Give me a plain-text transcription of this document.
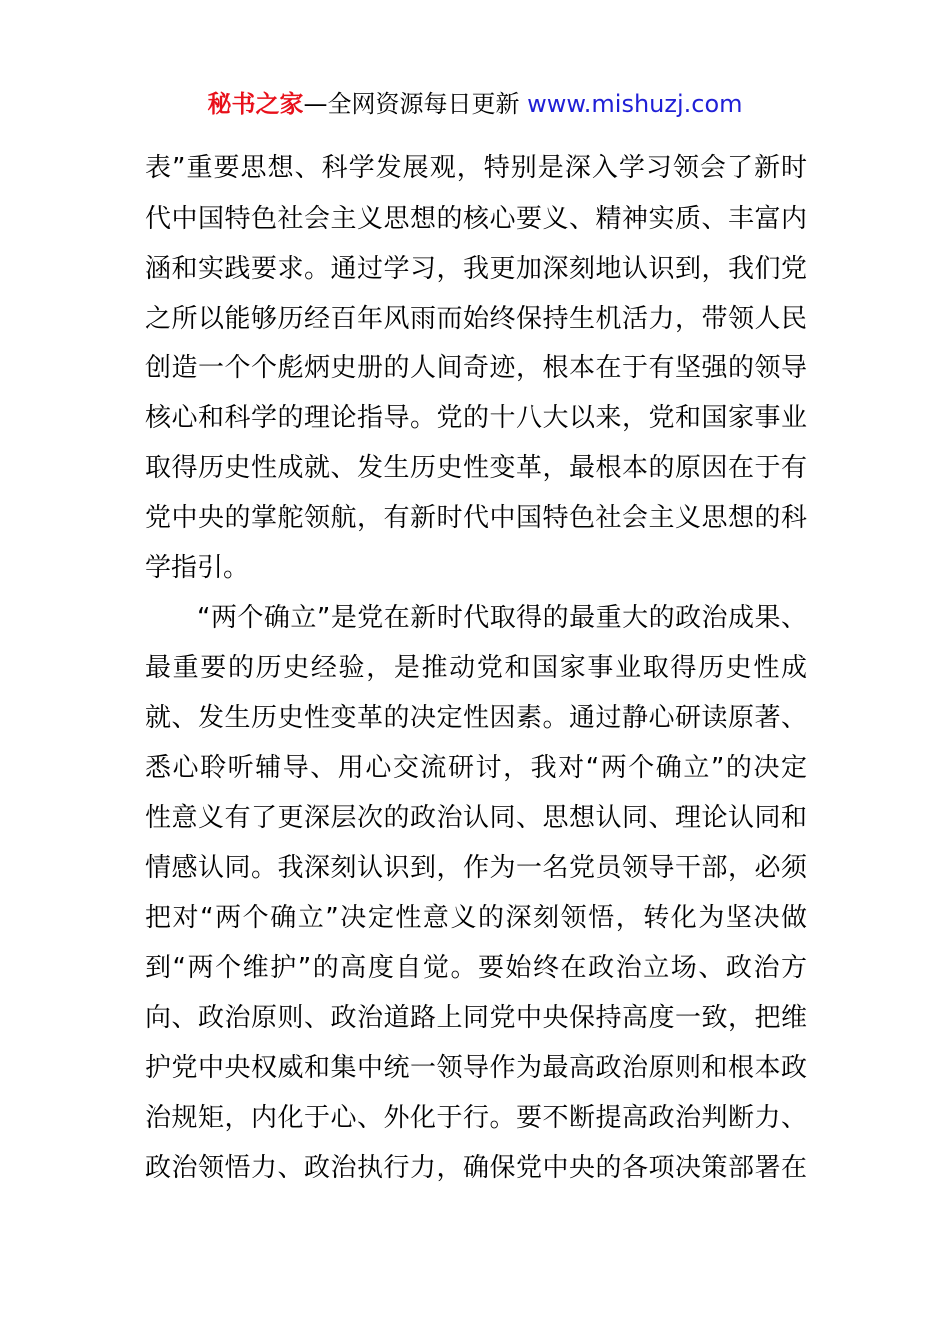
秘书之家—全网资源每日更新 www.mishuzj.com
表”重要思想、科学发展观，特别是深入学习领会了新时
代中国特色社会主义思想的核心要义、精神实质、丰富内
涵和实践要求。通过学习，我更加深刻地认识到，我们党
之所以能够历经百年风雨而始终保持生机活力，带领人民
创造一个个彪炳史册的人间奇迹，根本在于有坚强的领导
核心和科学的理论指导。党的十八大以来，党和国家事业
取得历史性成就、发生历史性变革，最根本的原因在于有
党中央的掌舵领航，有新时代中国特色社会主义思想的科
学指引。
“两个确立”是党在新时代取得的最重大的政治成果、
最重要的历史经验，是推动党和国家事业取得历史性成
就、发生历史性变革的决定性因素。通过静心研读原著、
悉心聆听辅导、用心交流研讨，我对“两个确立”的决定
性意义有了更深层次的政治认同、思想认同、理论认同和
情感认同。我深刻认识到，作为一名党员领导干部，必须
把对“两个确立”决定性意义的深刻领悟，转化为坚决做
到“两个维护”的高度自觉。要始终在政治立场、政治方
向、政治原则、政治道路上同党中央保持高度一致，把维
护党中央权威和集中统一领导作为最高政治原则和根本政
治规矩，内化于心、外化于行。要不断提高政治判断力、
政治领悟力、政治执行力，确保党中央的各项决策部署在
